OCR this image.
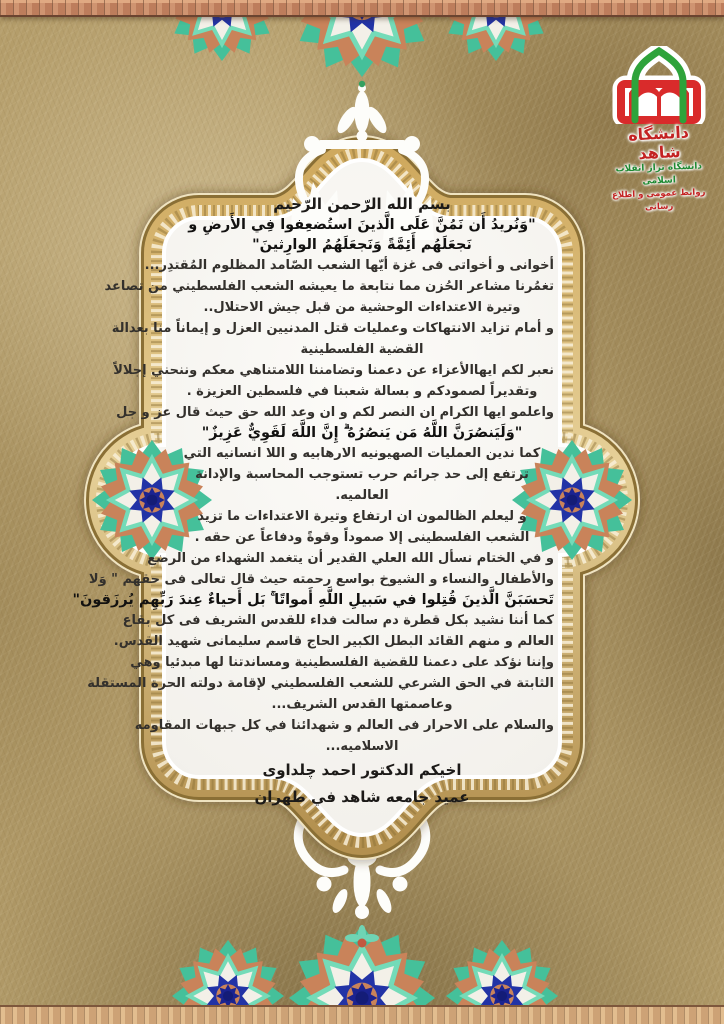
بسم الله الرّحمن الرّحيم
"وَنُريدُ أَن نَمُنَّ عَلَى الَّذينَ استُضعِفوا فِي الأَرضِ و
نَجعَلَهُم أَئِمَّةً وَنَجعَلَهُمُ الوارِثينَ"
أخوانى و أخواتى فى غزة أيّها الشعب الصّامد المظلوم المُقتدِر...
تغمُرنا مشاعر الحُزن مما نتابعة ما يعيشه الشعب الفلسطيني من تصاعد
وتيرة الاعتداءات الوحشية من قبل جيش الاحتلال..
و أمام تزايد الانتهاكات وعمليات قتل المدنيين العزل و إيماناً منا بعدالة
القضية الفلسطينية
نعبر لكم ايهاالأعزاء عن دعمنا وتضامننا اللامتناهي معكم وننحني إجلالاً
وتقديراً لصمودكم و بسالة شعبنا في فلسطين العزيزة .
واعلمو ايها الكرام ان النصر لكم و ان وعد الله حق حيث قال عز و جل
"وَلَيَنصُرَنَّ اللَّهُ مَن يَنصُرُهُ ۗ إِنَّ اللَّهَ لَقَوِيٌّ عَزِيزٌ"
كما ندين العمليات الصهيونيه الارهابيه و اللا انسانيه التي
ترتفع إلى حد جرائم حرب تستوجب المحاسبة والإدانة
العالميه.
و ليعلم الظالمون ان ارتفاع وتيرة الاعتداءات ما تزيد
الشعب الفلسطينى إلا صموداً وقوةً ودفاعاً عن حقه .
و في الختام نسأل الله العلي القدير أن يتغمد الشهداء من الرضع
والأطفال والنساء و الشيوخ بواسع رحمته حيث قال تعالى فى حقهم " وَلا
تَحسَبَنَّ الَّذينَ قُتِلوا في سَبيلِ اللَّهِ أَمواتًا ۚ بَل أَحياءٌ عِندَ رَبِّهِم يُرزَقونَ"
كما أننا نشيد بكل قطرة دم سالت فداء للقدس الشريف فى كل بقاع
العالم و منهم القائد البطل الكبير الحاج قاسم سليمانى شهيد القدس.
وإننا نؤكد على دعمنا للقضية الفلسطينية ومساندتنا لها مبدئيا وهي
الثابتة في الحق الشرعي للشعب الفلسطيني لإقامة دولته الحرة المستقلة
وعاصمتها القدس الشريف...
والسلام على الاحرار فى العالم و شهدائنا في كل جبهات المقاومه
الاسلاميه...
اخيكم الدكتور احمد چلداوى
عميد جامعه شاهد في طهران
دانشگاه شاهد
دانشگاه تراز انقلاب اسلامی
روابط عمومی و اطلاع رسانی
